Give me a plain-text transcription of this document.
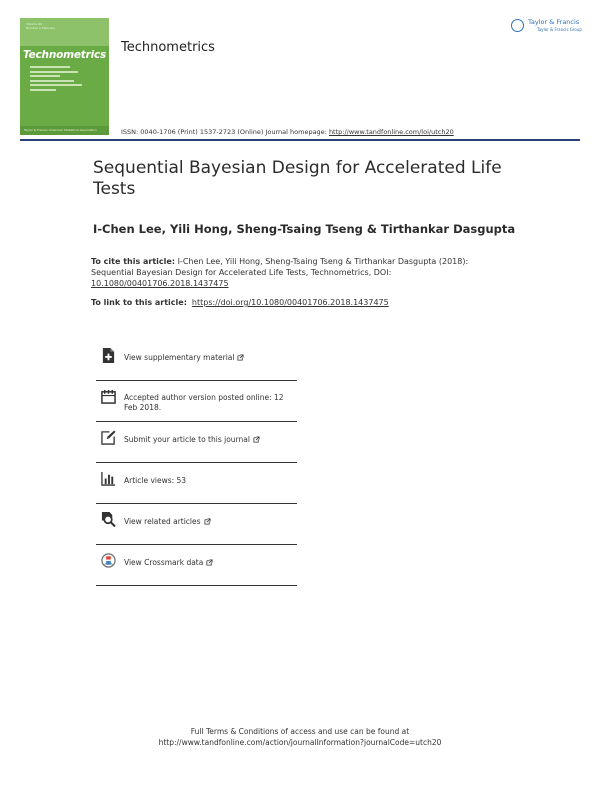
Volume 60
Number 1 February
Technometrics
Taylor & Francis American Statistical Association
Technometrics
ISSN: 0040-1706 (Print) 1537-2723 (Online) Journal homepage: http://www.tandfonline.com/loi/utch20
Taylor & Francis
Taylor & Francis Group
Sequential Bayesian Design for Accelerated Life Tests
I-Chen Lee, Yili Hong, Sheng-Tsaing Tseng & Tirthankar Dasgupta
To cite this article: I-Chen Lee, Yili Hong, Sheng-Tsaing Tseng & Tirthankar Dasgupta (2018): Sequential Bayesian Design for Accelerated Life Tests, Technometrics, DOI: 10.1080/00401706.2018.1437475
To link to this article: https://doi.org/10.1080/00401706.2018.1437475
View supplementary material
Accepted author version posted online: 12 Feb 2018.
Submit your article to this journal
Article views: 53
View related articles
View Crossmark data
Full Terms & Conditions of access and use can be found at
http://www.tandfonline.com/action/journalInformation?journalCode=utch20
